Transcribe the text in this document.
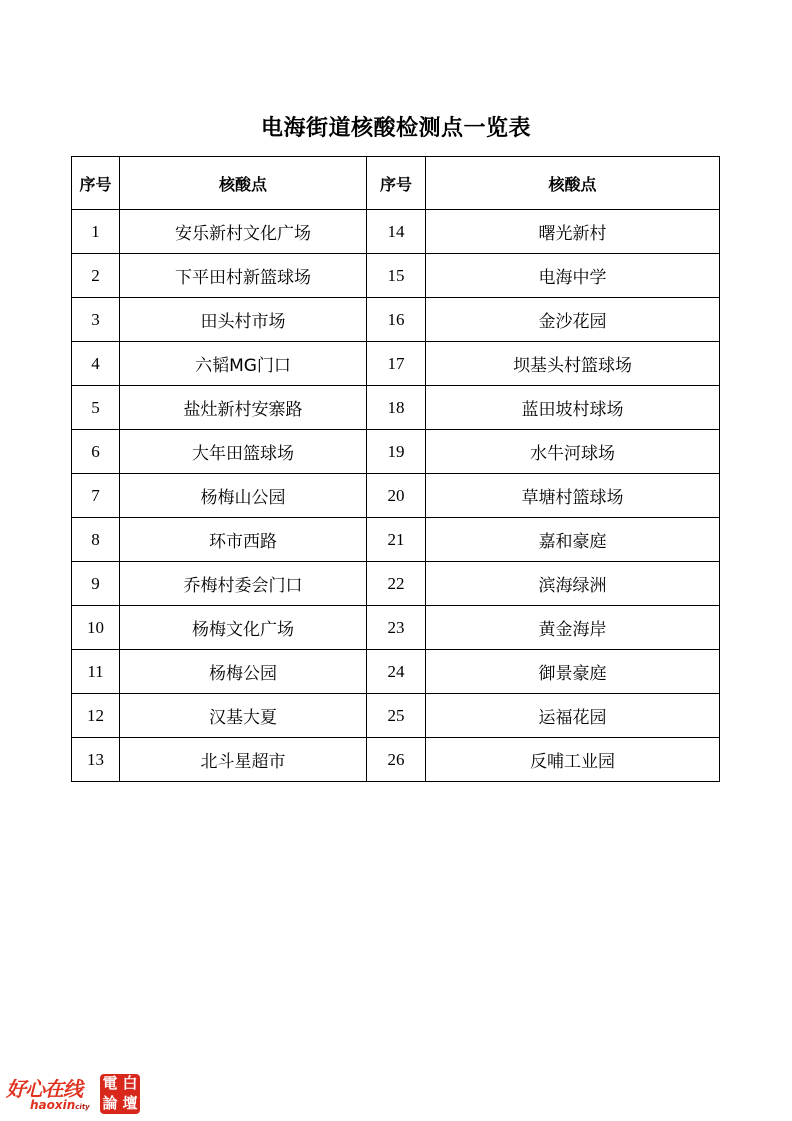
电海街道核酸检测点一览表
序号	核酸点	序号	核酸点
1	安乐新村文化广场	14	曙光新村
2	下平田村新篮球场	15	电海中学
3	田头村市场	16	金沙花园
4	六韬MG门口	17	坝基头村篮球场
5	盐灶新村安寨路	18	蓝田坡村球场
6	大年田篮球场	19	水牛河球场
7	杨梅山公园	20	草塘村篮球场
8	环市西路	21	嘉和豪庭
9	乔梅村委会门口	22	滨海绿洲
10	杨梅文化广场	23	黄金海岸
11	杨梅公园	24	御景豪庭
12	汉基大夏	25	运福花园
13	北斗星超市	26	反哺工业园
好心在线
haoxincity
電 白
論 壇
